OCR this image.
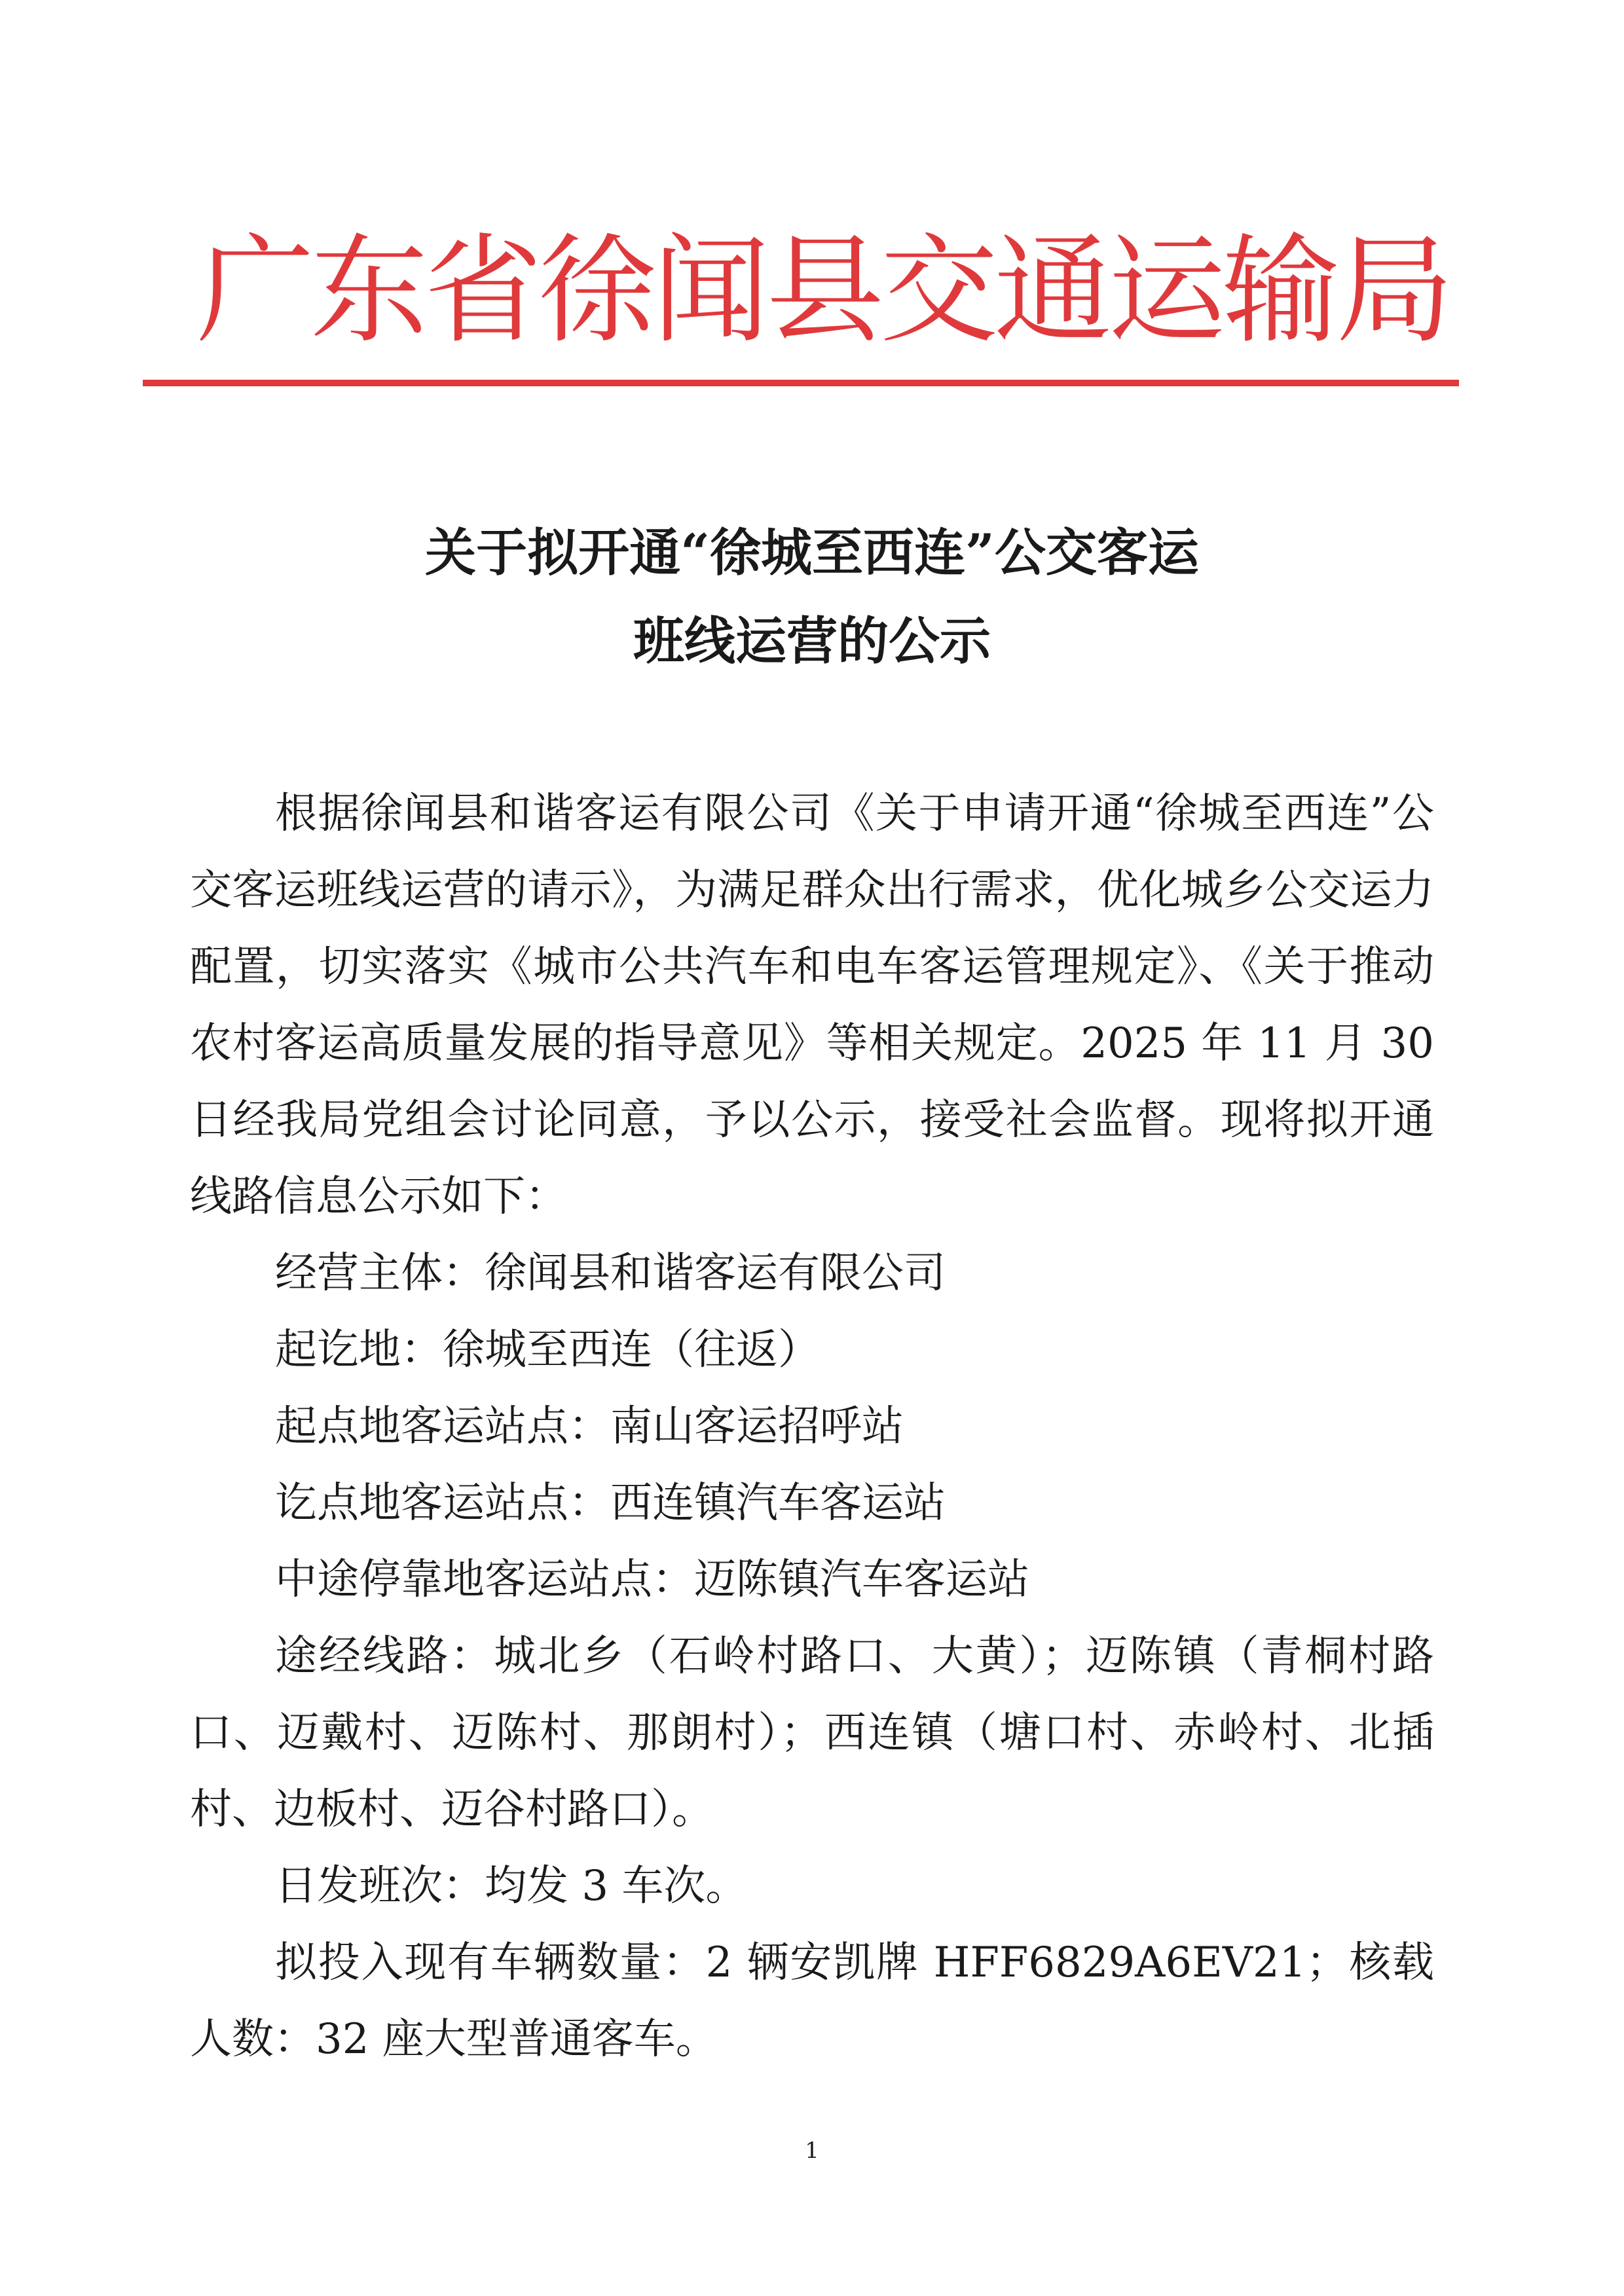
广东省徐闻县交通运输局
关于拟开通“徐城至西连”公交客运
班线运营的公示

根据徐闻县和谐客运有限公司《关于申请开通“徐城至西连”公交客运班线运营的请示》，为满足群众出行需求，优化城乡公交运力配置，切实落实《城市公共汽车和电车客运管理规定》、《关于推动农村客运高质量发展的指导意见》等相关规定。2025 年 11 月 30 日经我局党组会讨论同意，予以公示，接受社会监督。现将拟开通线路信息公示如下：

经营主体：徐闻县和谐客运有限公司

起讫地：徐城至西连（往返）

起点地客运站点：南山客运招呼站

讫点地客运站点：西连镇汽车客运站

中途停靠地客运站点：迈陈镇汽车客运站

途经线路：城北乡（石岭村路口、大黄）；迈陈镇（青桐村路口、迈戴村、迈陈村、那朗村）；西连镇（塘口村、赤岭村、北插村、边板村、迈谷村路口）。

日发班次：均发 3 车次。

拟投入现有车辆数量：2 辆安凯牌 HFF6829A6EV21；核载人数：32 座大型普通客车。

1
